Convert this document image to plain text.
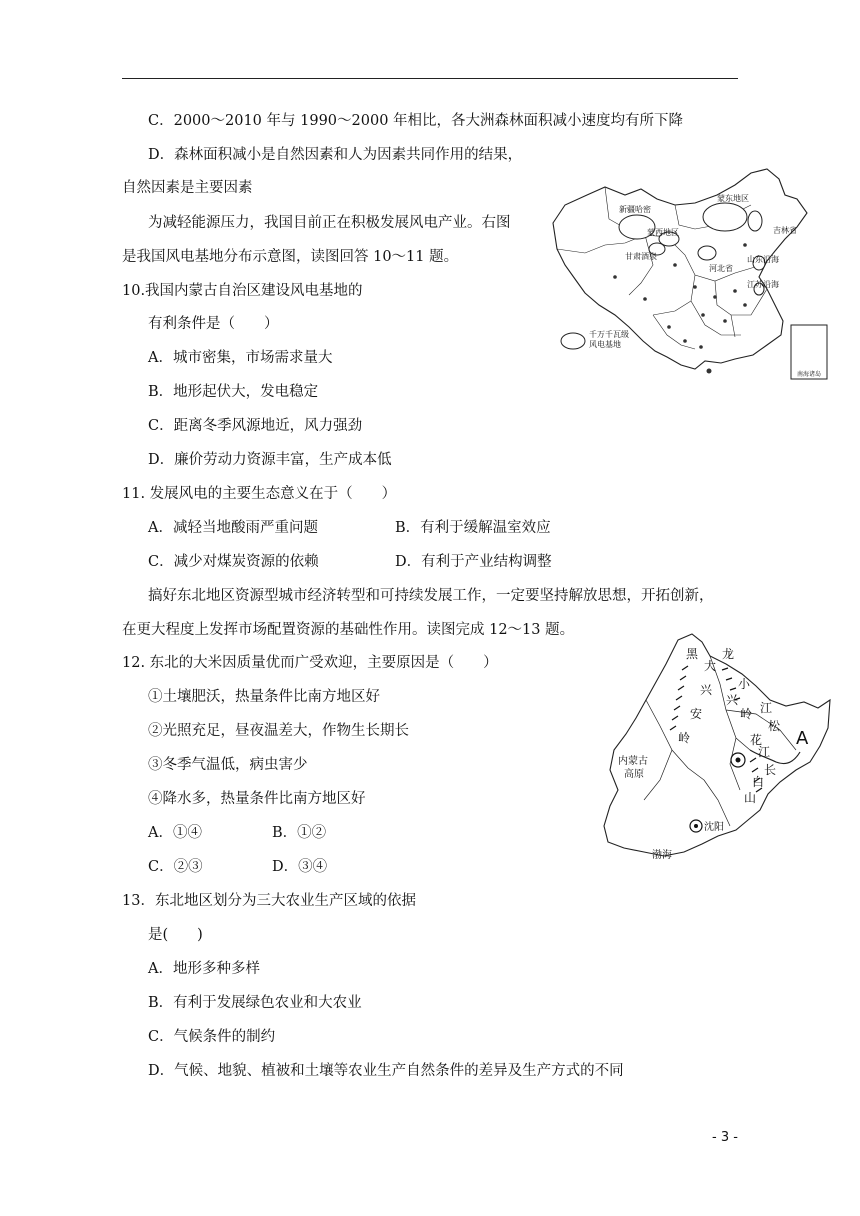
C．2000～2010 年与 1990～2000 年相比，各大洲森林面积减小速度均有所下降
D．森林面积减小是自然因素和人为因素共同作用的结果，
自然因素是主要因素
为减轻能源压力，我国目前正在积极发展风电产业。右图
是我国风电基地分布示意图，读图回答 10～11 题。
10.我国内蒙古自治区建设风电基地的
有利条件是（　　）
A．城市密集，市场需求量大
B．地形起伏大，发电稳定
C．距离冬季风源地近，风力强劲
D．廉价劳动力资源丰富，生产成本低
11. 发展风电的主要生态意义在于（　　）
A．减轻当地酸雨严重问题	B．有利于缓解温室效应
C．减少对煤炭资源的依赖	D．有利于产业结构调整
搞好东北地区资源型城市经济转型和可持续发展工作，一定要坚持解放思想，开拓创新，
在更大程度上发挥市场配置资源的基础性作用。读图完成 12～13 题。
12. 东北的大米因质量优而广受欢迎，主要原因是（　　）
①土壤肥沃，热量条件比南方地区好
②光照充足，昼夜温差大，作物生长期长
③冬季气温低，病虫害少
④降水多，热量条件比南方地区好
A．①④	B．①②
C．②③	D．③④
13．东北地区划分为三大农业生产区域的依据
是(　　)
A．地形多种多样
B．有利于发展绿色农业和大农业
C．气候条件的制约
D．气候、地貌、植被和土壤等农业生产自然条件的差异及生产方式的不同
新疆哈密
蒙东地区
蒙西地区	吉林省
甘肃酒泉
河北省
山东沿海
江苏沿海
千万千瓦级
风电基地
南海诸岛
黑
大
龙
兴 小
安
兴
岭
岭 江
松
花
江
A
长
白
山
内蒙古
高原
沈阳
渤海
- 3 -
